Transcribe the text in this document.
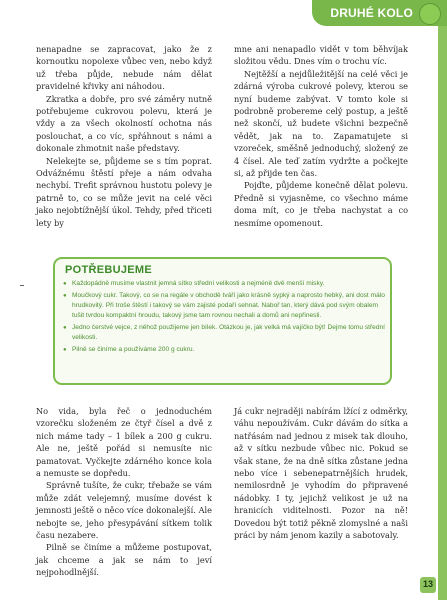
DRUHÉ KOLO

nenapadne se zapracovat, jako že z kornoutku nopolexe vůbec ven, nebo když už třeba půjde, nebude nám dělat pravidelné křivky ani náhodou.

Zkratka a dobře, pro své záměry nutně potřebujeme cukrovou polevu, která je vždy a za všech okolností ochotna nás poslouchat, a co víc, spřáhnout s námi a dokonale zhmotnit naše představy.

Nelekejte se, půjdeme se s tím poprat. Odvážnému štěstí přeje a nám odvaha nechybí. Trefit správnou hustotu polevy je patrně to, co se může jevit na celé věci jako nejobtížnější úkol. Tehdy, před třiceti lety by

mne ani nenapadlo vidět v tom běhvíjak složitou vědu. Dnes vím o trochu víc.

Nejtěžší a nejdůležitější na celé věci je zdárná výroba cukrové polevy, kterou se nyní budeme zabývat. V tomto kole si podrobně probereme celý postup, a ještě než skončí, už budete všichni bezpečně vědět, jak na to. Zapamatujete si vzoreček, směšně jednoduchý, složený ze 4 čísel. Ale teď zatím vydržte a počkejte si, až přijde ten čas.

Pojďte, půjdeme konečně dělat polevu. Předně si vyjasněme, co všechno máme doma mít, co je třeba nachystat a co nesmíme opomenout.

POTŘEBUJEME
● Každopádně musíme vlastnit jemná sítko střední velikosti a nejméně dvě menší misky.
● Moučkový cukr. Takový, co se na regále v obchodě tváří jako krásně sypký a naprosto hebký, ani dost málo hrudkovitý. Při troše štěstí i takový se vám zajisté podaří sehnat. Naboř tan, který dává pod svým obalem tušit tvrdou kompaktní hroudu, takový jsme tam rovnou nechali a domů ani nepřinesli.
● Jedno čerstvé vejce, z něhož použijeme jen bílek. Otázkou je, jak velká má vajíčko být! Dejme tomu střední velikosti.
● Pilně se činíme a používáme 200 g cukru.

No vida, byla řeč o jednoduchém vzorečku složeném ze čtyř čísel a dvě z nich máme tady – 1 bílek a 200 g cukru. Ale ne, ještě pořád si nemusíte nic pamatovat. Vyčkejte zdárného konce kola a nemuste se dopředu.

Správně tušíte, že cukr, třebaže se vám může zdát velejemný, musíme dovést k jemnosti ještě o něco více dokonalejší. Ale nebojte se, jeho přesypávání sítkem tolik času nezabere.

Pilně se činíme a můžeme postupovat, jak chceme a jak se nám to jeví nejpohodlnější.

Já cukr nejraději nabírám lžící z odměrky, váhu nepoužívám. Cukr dávám do sítka a natřásám nad jednou z misek tak dlouho, až v sítku nezbude vůbec nic. Pokud se však stane, že na dně sítka zůstane jedna nebo více i sebenepatrnějších hrudek, nemilosrdně je vyhodím do připravené nádobky. I ty, jejichž velikost je už na hranicích viditelnosti. Pozor na ně! Dovedou být totiž pěkně zlomyslné a naši práci by nám jenom kazily a sabotovaly.

13
